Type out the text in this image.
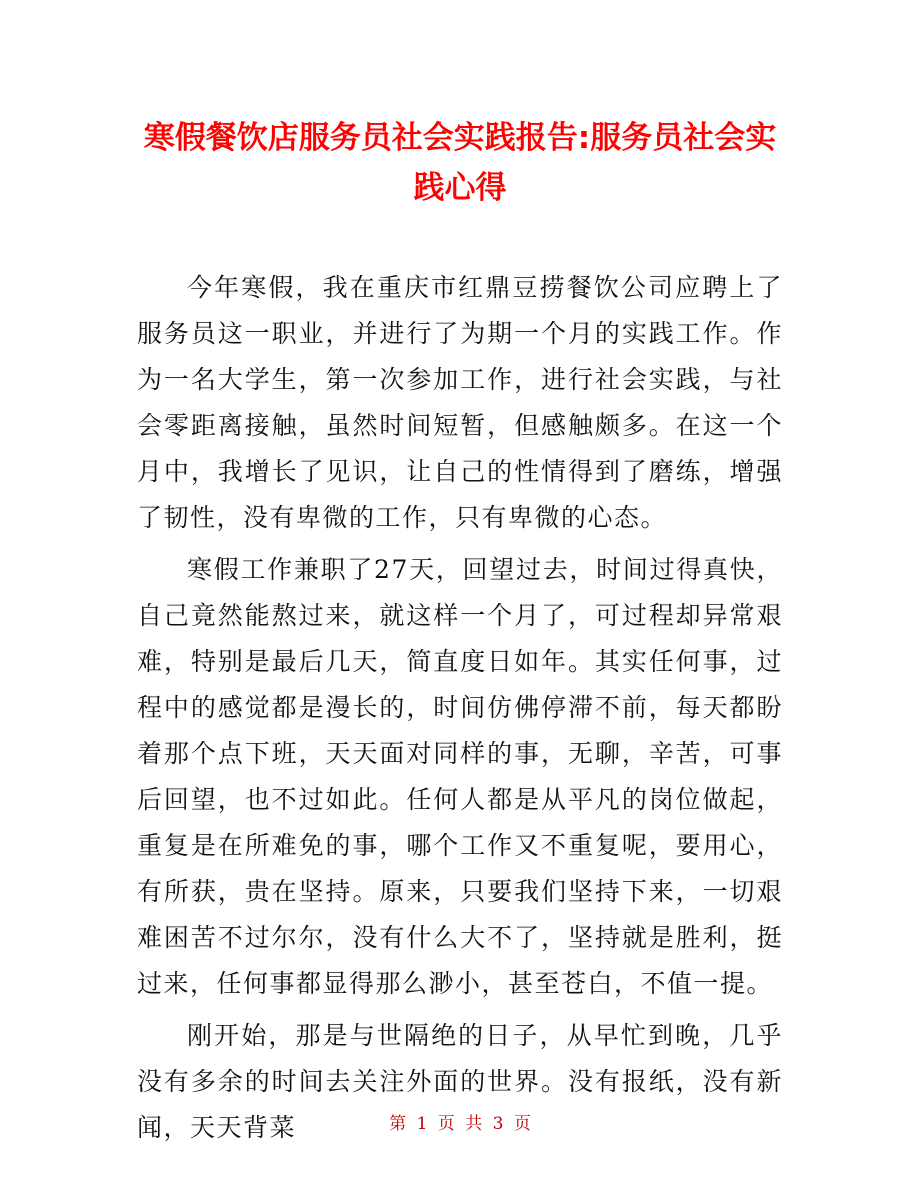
寒假餐饮店服务员社会实践报告:服务员社会实践心得

今年寒假，我在重庆市红鼎豆捞餐饮公司应聘上了服务员这一职业，并进行了为期一个月的实践工作。作为一名大学生，第一次参加工作，进行社会实践，与社会零距离接触，虽然时间短暂，但感触颇多。在这一个月中，我增长了见识，让自己的性情得到了磨练，增强了韧性，没有卑微的工作，只有卑微的心态。

寒假工作兼职了27天，回望过去，时间过得真快，自己竟然能熬过来，就这样一个月了，可过程却异常艰难，特别是最后几天，简直度日如年。其实任何事，过程中的感觉都是漫长的，时间仿佛停滞不前，每天都盼着那个点下班，天天面对同样的事，无聊，辛苦，可事后回望，也不过如此。任何人都是从平凡的岗位做起，重复是在所难免的事，哪个工作又不重复呢，要用心，有所获，贵在坚持。原来，只要我们坚持下来，一切艰难困苦不过尔尔，没有什么大不了，坚持就是胜利，挺过来，任何事都显得那么渺小，甚至苍白，不值一提。

刚开始，那是与世隔绝的日子，从早忙到晚，几乎没有多余的时间去关注外面的世界。没有报纸，没有新闻，天天背菜	第 1 页 共 3 页
